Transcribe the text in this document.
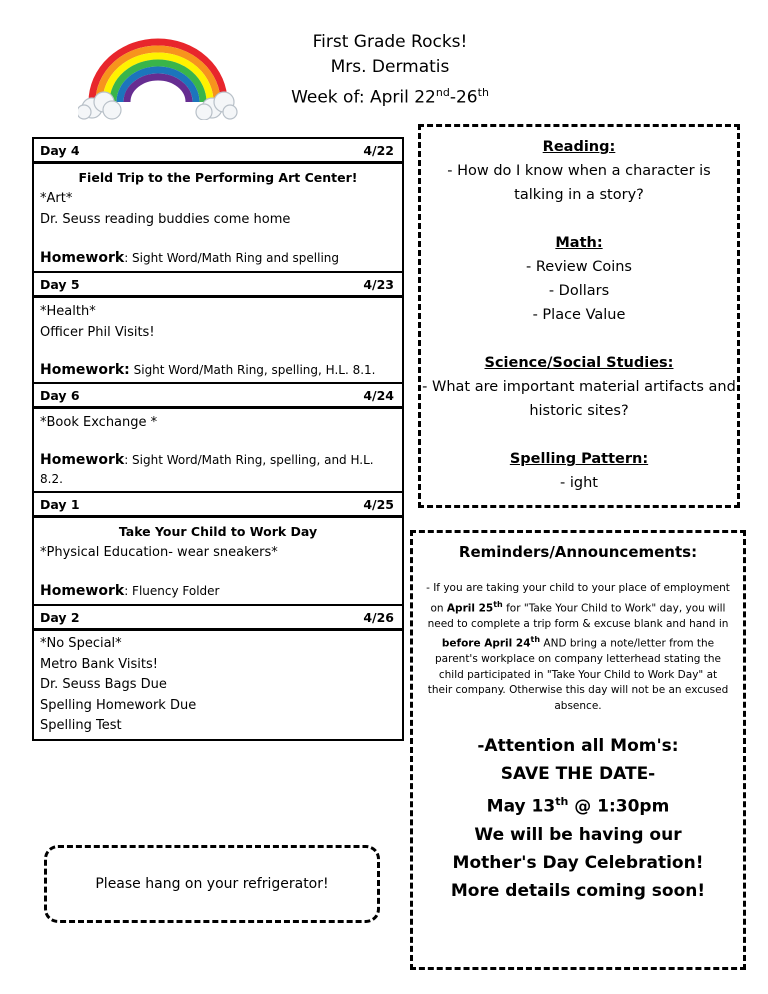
First Grade Rocks!
Mrs. Dermatis
Week of: April 22nd-26th
Day 4	4/22
Field Trip to the Performing Art Center!
*Art*
Dr. Seuss reading buddies come home
Homework: Sight Word/Math Ring and spelling
Day 5	4/23
*Health*
Officer Phil Visits!
Homework: Sight Word/Math Ring, spelling, H.L. 8.1.
Day 6	4/24
*Book Exchange *
Homework: Sight Word/Math Ring, spelling, and H.L. 8.2.
Day 1	4/25
Take Your Child to Work Day
*Physical Education- wear sneakers*
Homework: Fluency Folder
Day 2	4/26
*No Special*
Metro Bank Visits!
Dr. Seuss Bags Due
Spelling Homework Due
Spelling Test
Reading:
- How do I know when a character is talking in a story?
Math:
- Review Coins
- Dollars
- Place Value
Science/Social Studies:
- What are important material artifacts and historic sites?
Spelling Pattern:
- ight
Reminders/Announcements:
- If you are taking your child to your place of employment on April 25th for "Take Your Child to Work" day, you will need to complete a trip form & excuse blank and hand in before April 24th AND bring a note/letter from the parent's workplace on company letterhead stating the child participated in "Take Your Child to Work Day" at their company. Otherwise this day will not be an excused absence.
-Attention all Mom's:
SAVE THE DATE-
May 13th @ 1:30pm
We will be having our
Mother's Day Celebration!
More details coming soon!
Please hang on your refrigerator!
